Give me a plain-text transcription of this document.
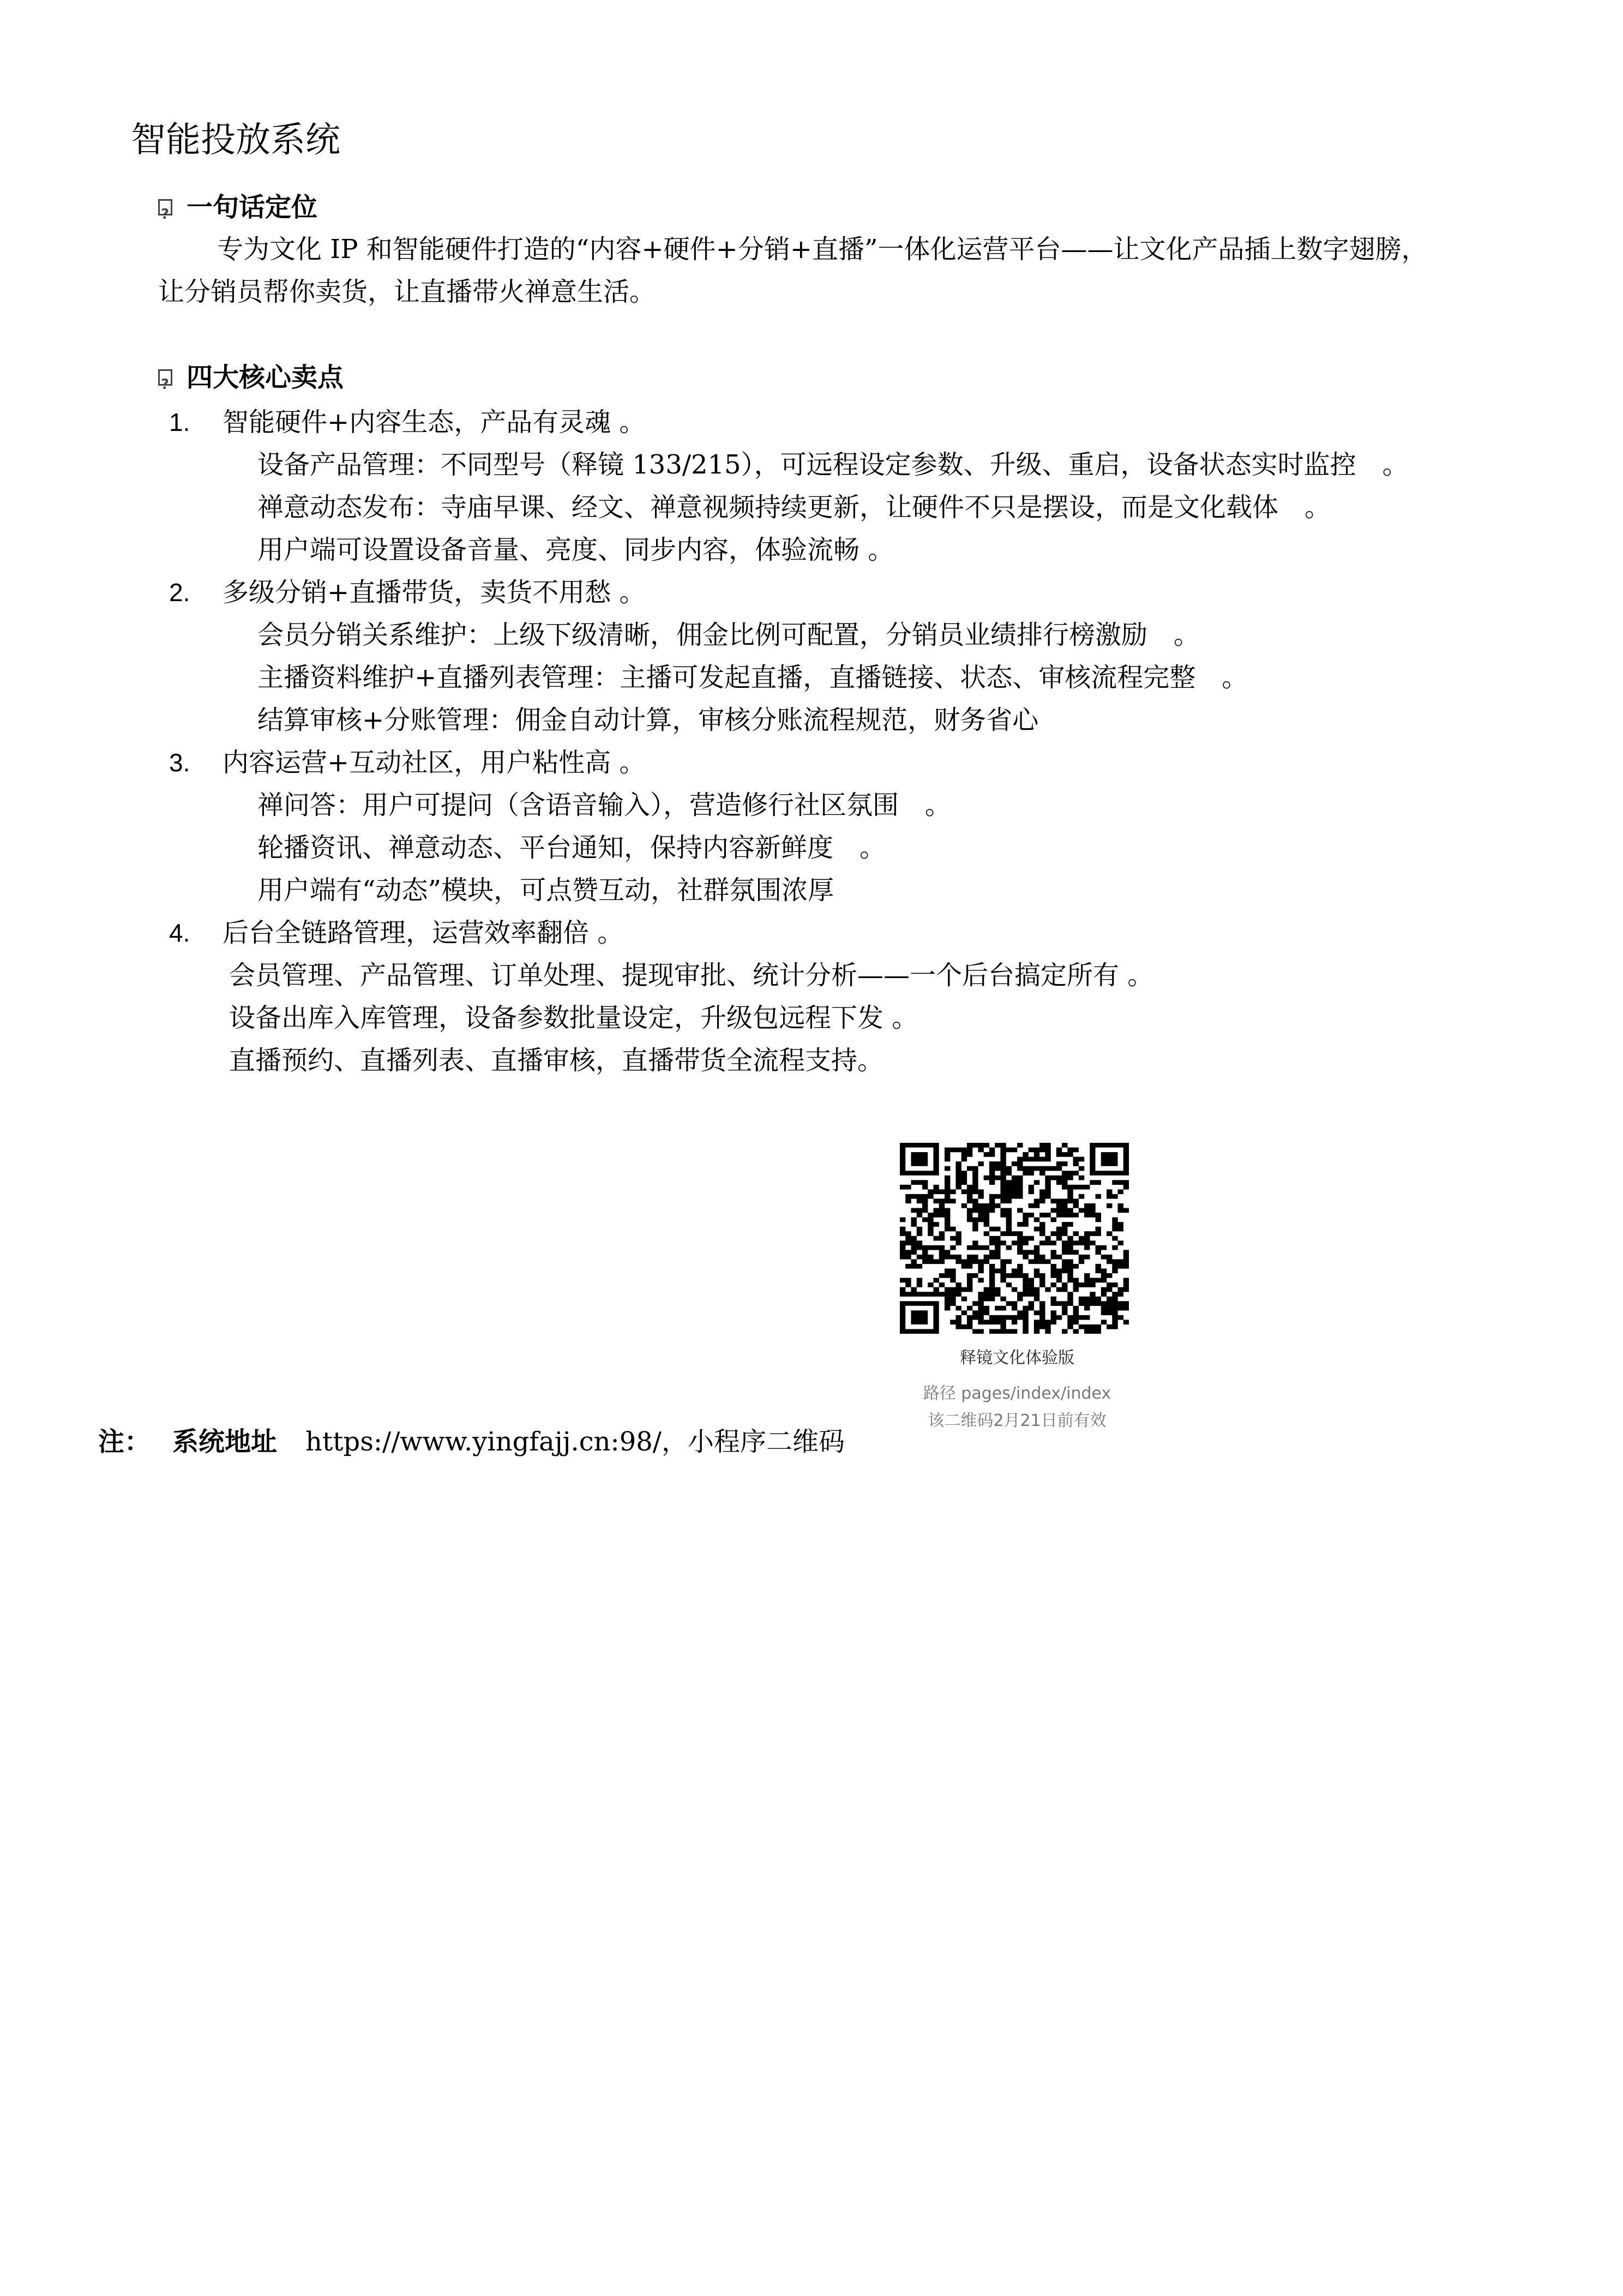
智能投放系统
?
一句话定位
专为文化 IP 和智能硬件打造的“内容+硬件+分销+直播”一体化运营平台——让文化产品插上数字翅膀，
让分销员帮你卖货，让直播带火禅意生活。
?
四大核心卖点
1. 智能硬件+内容生态，产品有灵魂 。
设备产品管理：不同型号（释镜 133/215），可远程设定参数、升级、重启，设备状态实时监控　。
禅意动态发布：寺庙早课、经文、禅意视频持续更新，让硬件不只是摆设，而是文化载体　。
用户端可设置设备音量、亮度、同步内容，体验流畅 。
2. 多级分销+直播带货，卖货不用愁 。
会员分销关系维护：上级下级清晰，佣金比例可配置，分销员业绩排行榜激励　。
主播资料维护+直播列表管理：主播可发起直播，直播链接、状态、审核流程完整　。
结算审核+分账管理：佣金自动计算，审核分账流程规范，财务省心
3. 内容运营+互动社区，用户粘性高 。
禅问答：用户可提问（含语音输入），营造修行社区氛围　。
轮播资讯、禅意动态、平台通知，保持内容新鲜度　。
用户端有“动态”模块，可点赞互动，社群氛围浓厚
4. 后台全链路管理，运营效率翻倍 。
会员管理、产品管理、订单处理、提现审批、统计分析——一个后台搞定所有 。
设备出库入库管理，设备参数批量设定，升级包远程下发 。
直播预约、直播列表、直播审核，直播带货全流程支持。
释镜文化体验版
路径 pages/index/index
该二维码2月21日前有效
注： 系统地址 https://www.yingfajj.cn:98/，小程序二维码
